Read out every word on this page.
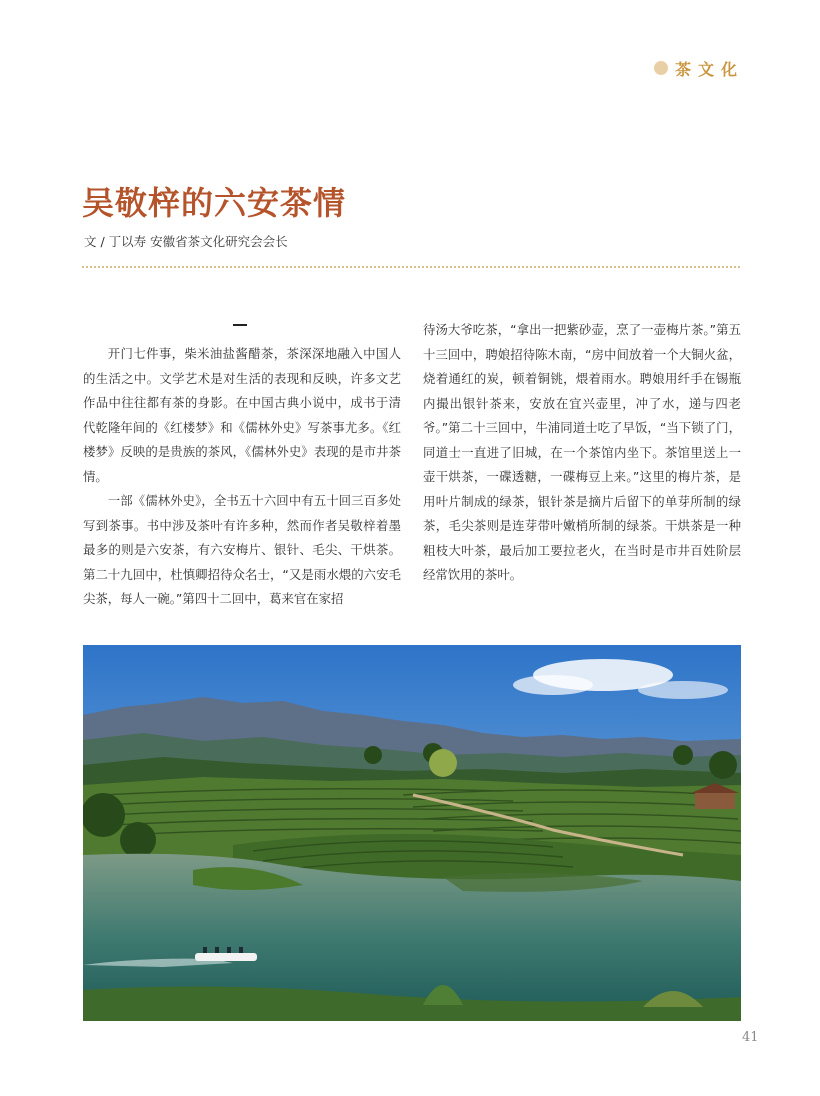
茶文化
吴敬梓的六安茶情
文 / 丁以寿 安徽省茶文化研究会会长

开门七件事，柴米油盐酱醋茶，茶深深地融入中国人的生活之中。文学艺术是对生活的表现和反映，许多文艺作品中往往都有茶的身影。在中国古典小说中，成书于清代乾隆年间的《红楼梦》和《儒林外史》写茶事尤多。《红楼梦》反映的是贵族的茶风，《儒林外史》表现的是市井茶情。

一部《儒林外史》，全书五十六回中有五十回三百多处写到茶事。书中涉及茶叶有许多种，然而作者吴敬梓着墨最多的则是六安茶，有六安梅片、银针、毛尖、干烘茶。第二十九回中，杜慎卿招待众名士，“又是雨水煨的六安毛尖茶，每人一碗。”第四十二回中，葛来官在家招

待汤大爷吃茶，“拿出一把紫砂壶，烹了一壶梅片茶。”第五十三回中，聘娘招待陈木南，“房中间放着一个大铜火盆，烧着通红的炭，顿着铜铫，煨着雨水。聘娘用纤手在锡瓶内撮出银针茶来，安放在宜兴壶里，冲了水，递与四老爷。”第二十三回中，牛浦同道士吃了早饭，“当下锁了门，同道士一直进了旧城，在一个茶馆内坐下。茶馆里送上一壶干烘茶，一碟透糖，一碟梅豆上来。”这里的梅片茶，是用叶片制成的绿茶，银针茶是摘片后留下的单芽所制的绿茶，毛尖茶则是连芽带叶嫩梢所制的绿茶。干烘茶是一种粗枝大叶茶，最后加工要拉老火，在当时是市井百姓阶层经常饮用的茶叶。

41
